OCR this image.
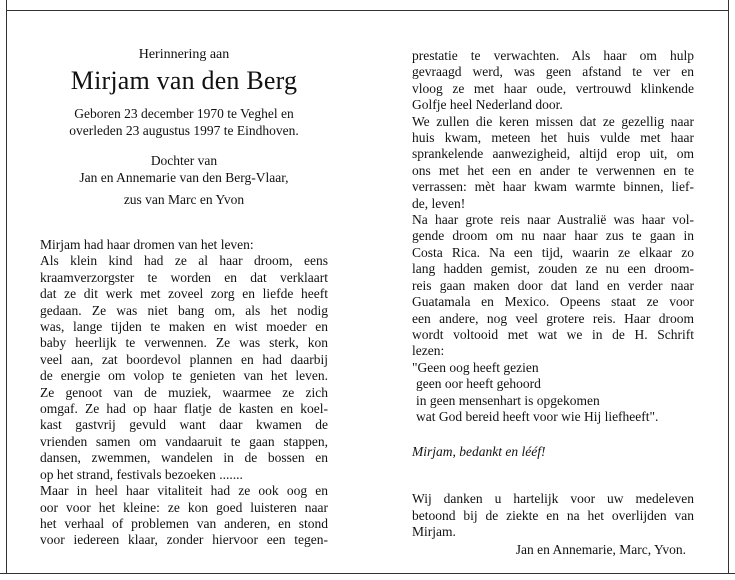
Herinnering aan
Mirjam van den Berg
Geboren 23 december 1970 te Veghel en
overleden 23 augustus 1997 te Eindhoven.
Dochter van
Jan en Annemarie van den Berg-Vlaar,
zus van Marc en Yvon
Mirjam had haar dromen van het leven:
Als klein kind had ze al haar droom, eens
kraamverzorgster te worden en dat verklaart
dat ze dit werk met zoveel zorg en liefde heeft
gedaan. Ze was niet bang om, als het nodig
was, lange tijden te maken en wist moeder en
baby heerlijk te verwennen. Ze was sterk, kon
veel aan, zat boordevol plannen en had daarbij
de energie om volop te genieten van het leven.
Ze genoot van de muziek, waarmee ze zich
omgaf. Ze had op haar flatje de kasten en koel-
kast gastvrij gevuld want daar kwamen de
vrienden samen om vandaaruit te gaan stappen,
dansen, zwemmen, wandelen in de bossen en
op het strand, festivals bezoeken .......
Maar in heel haar vitaliteit had ze ook oog en
oor voor het kleine: ze kon goed luisteren naar
het verhaal of problemen van anderen, en stond
voor iedereen klaar, zonder hiervoor een tegen-
prestatie te verwachten. Als haar om hulp
gevraagd werd, was geen afstand te ver en
vloog ze met haar oude, vertrouwd klinkende
Golfje heel Nederland door.
We zullen die keren missen dat ze gezellig naar
huis kwam, meteen het huis vulde met haar
sprankelende aanwezigheid, altijd erop uit, om
ons met het een en ander te verwennen en te
verrassen: mèt haar kwam warmte binnen, lief-
de, leven!
Na haar grote reis naar Australië was haar vol-
gende droom om nu naar haar zus te gaan in
Costa Rica. Na een tijd, waarin ze elkaar zo
lang hadden gemist, zouden ze nu een droom-
reis gaan maken door dat land en verder naar
Guatamala en Mexico. Opeens staat ze voor
een andere, nog veel grotere reis. Haar droom
wordt voltooid met wat we in de H. Schrift
lezen:
"Geen oog heeft gezien
geen oor heeft gehoord
in geen mensenhart is opgekomen
wat God bereid heeft voor wie Hij liefheeft".
Mirjam, bedankt en lééf!
Wij danken u hartelijk voor uw medeleven
betoond bij de ziekte en na het overlijden van
Mirjam.
Jan en Annemarie, Marc, Yvon.
